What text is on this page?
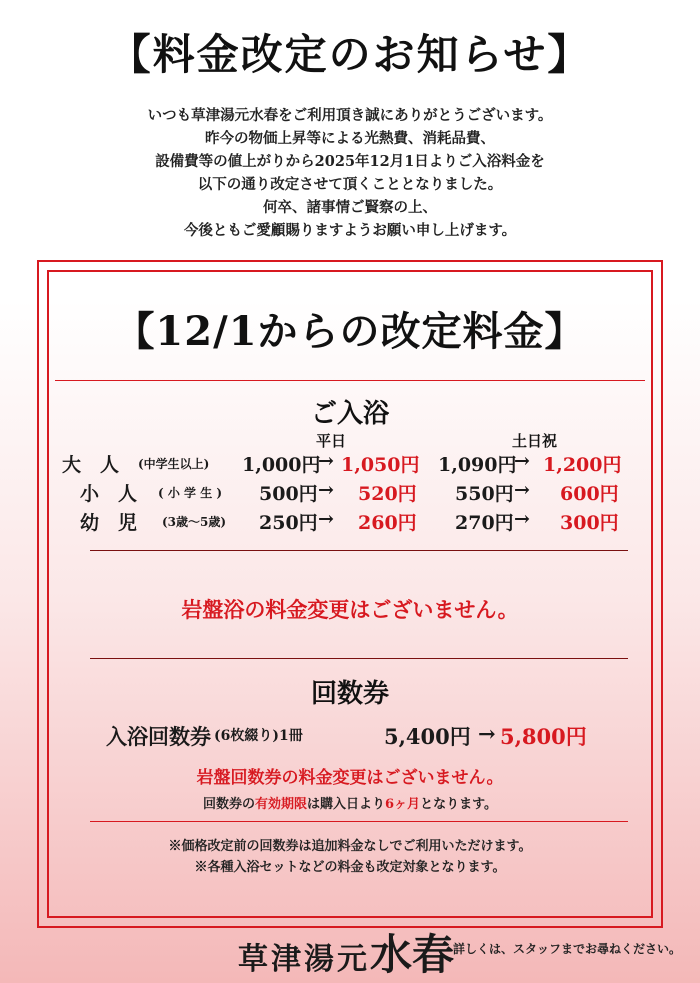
【料金改定のお知らせ】
いつも草津湯元水春をご利用頂き誠にありがとうございます。
昨今の物価上昇等による光熱費、消耗品費、
設備費等の値上がりから2025年12月1日よりご入浴料金を
以下の通り改定させて頂くこととなりました。
何卒、諸事情ご賢察の上、
今後ともご愛顧賜りますようお願い申し上げます。
【12/1からの改定料金】
ご入浴
平日	土日祝
大　人 (中学生以上) 1,000円
→ 1,050円 1,090円
→ 1,200円
小　人 ( 小 学 生 ) 500円 → 520円 550円 → 600円
幼　児 (3歳～5歳) 250円 → 260円 270円 → 300円
岩盤浴の料金変更はございません。
回数券
入浴回数券 (6枚綴り)1冊	5,400円 → 5,800円
岩盤回数券の料金変更はございません。
回数券の有効期限は購入日より6ヶ月となります。
※価格改定前の回数券は追加料金なしでご利用いただけます。
※各種入浴セットなどの料金も改定対象となります。
草津湯元水春
詳しくは、スタッフまでお尋ねください。
